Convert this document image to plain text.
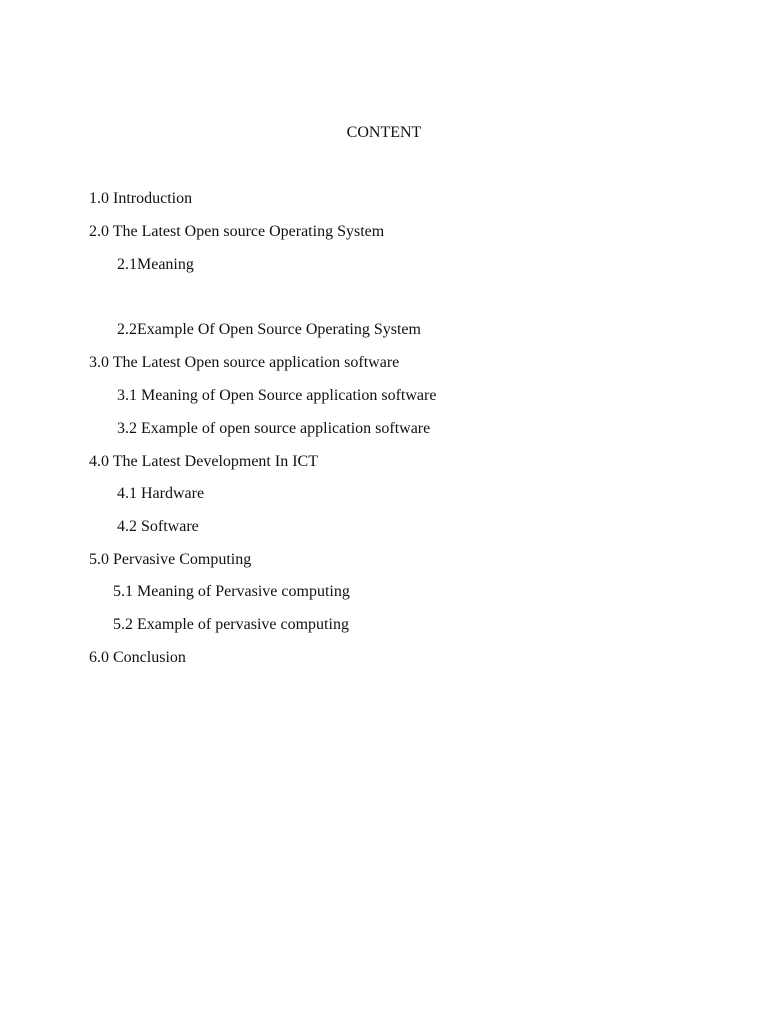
CONTENT
1.0 Introduction
2.0 The Latest Open source Operating System
2.1Meaning
2.2Example Of Open Source Operating System
3.0 The Latest Open source application software
3.1 Meaning of Open Source application software
3.2 Example of open source application software
4.0 The Latest Development In ICT
4.1 Hardware
4.2 Software
5.0 Pervasive Computing
5.1 Meaning of Pervasive computing
5.2 Example of pervasive computing
6.0 Conclusion
